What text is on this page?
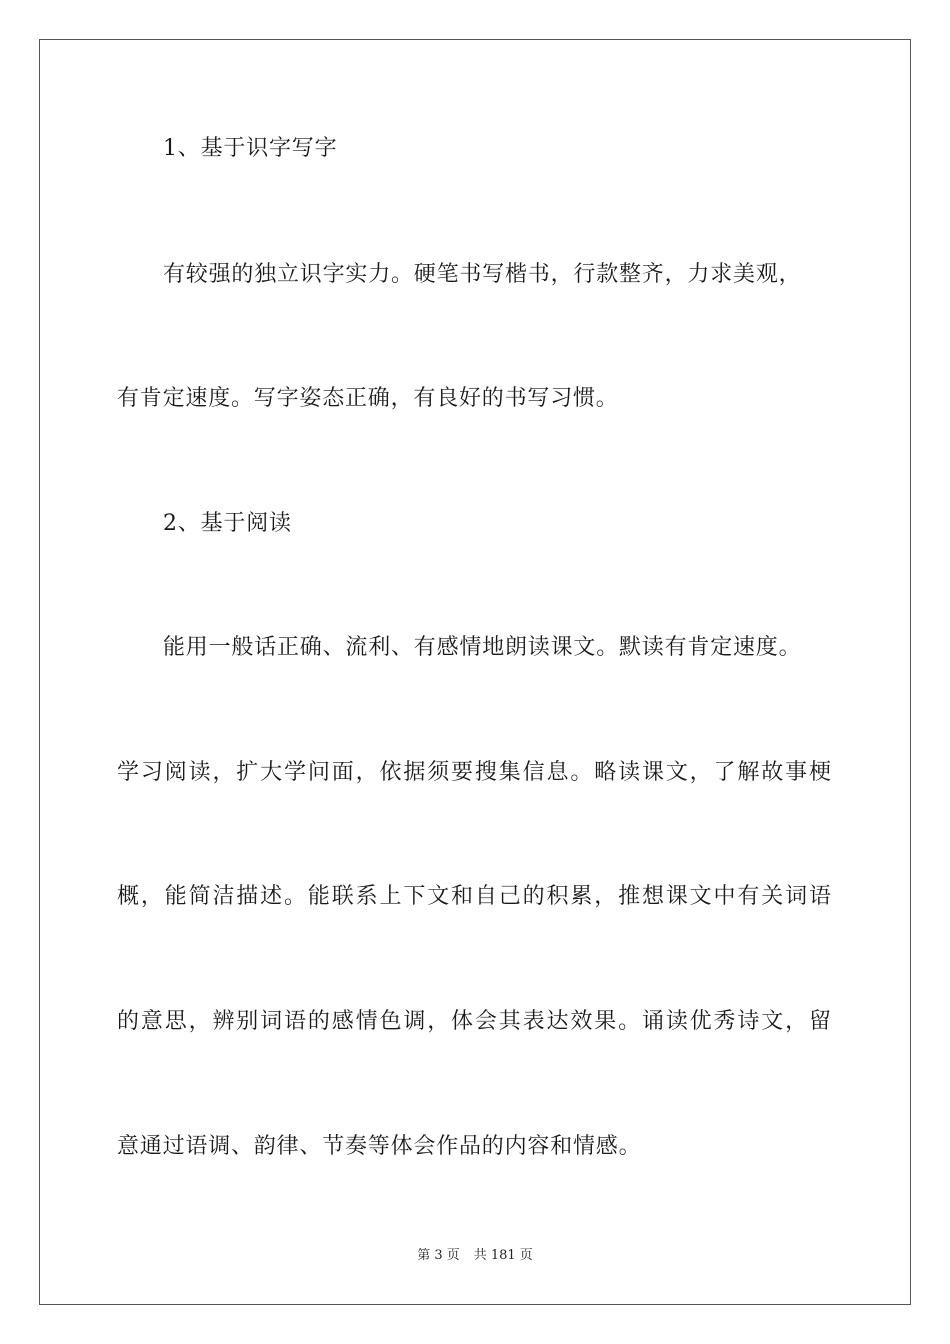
1、基于识字写字
有较强的独立识字实力。硬笔书写楷书，行款整齐，力求美观，
有肯定速度。写字姿态正确，有良好的书写习惯。
2、基于阅读
能用一般话正确、流利、有感情地朗读课文。默读有肯定速度。
学习阅读，扩大学问面，依据须要搜集信息。略读课文，了解故事梗
概，能简洁描述。能联系上下文和自己的积累，推想课文中有关词语
的意思，辨别词语的感情色调，体会其表达效果。诵读优秀诗文，留
意通过语调、韵律、节奏等体会作品的内容和情感。
第 3 页 共 181 页
